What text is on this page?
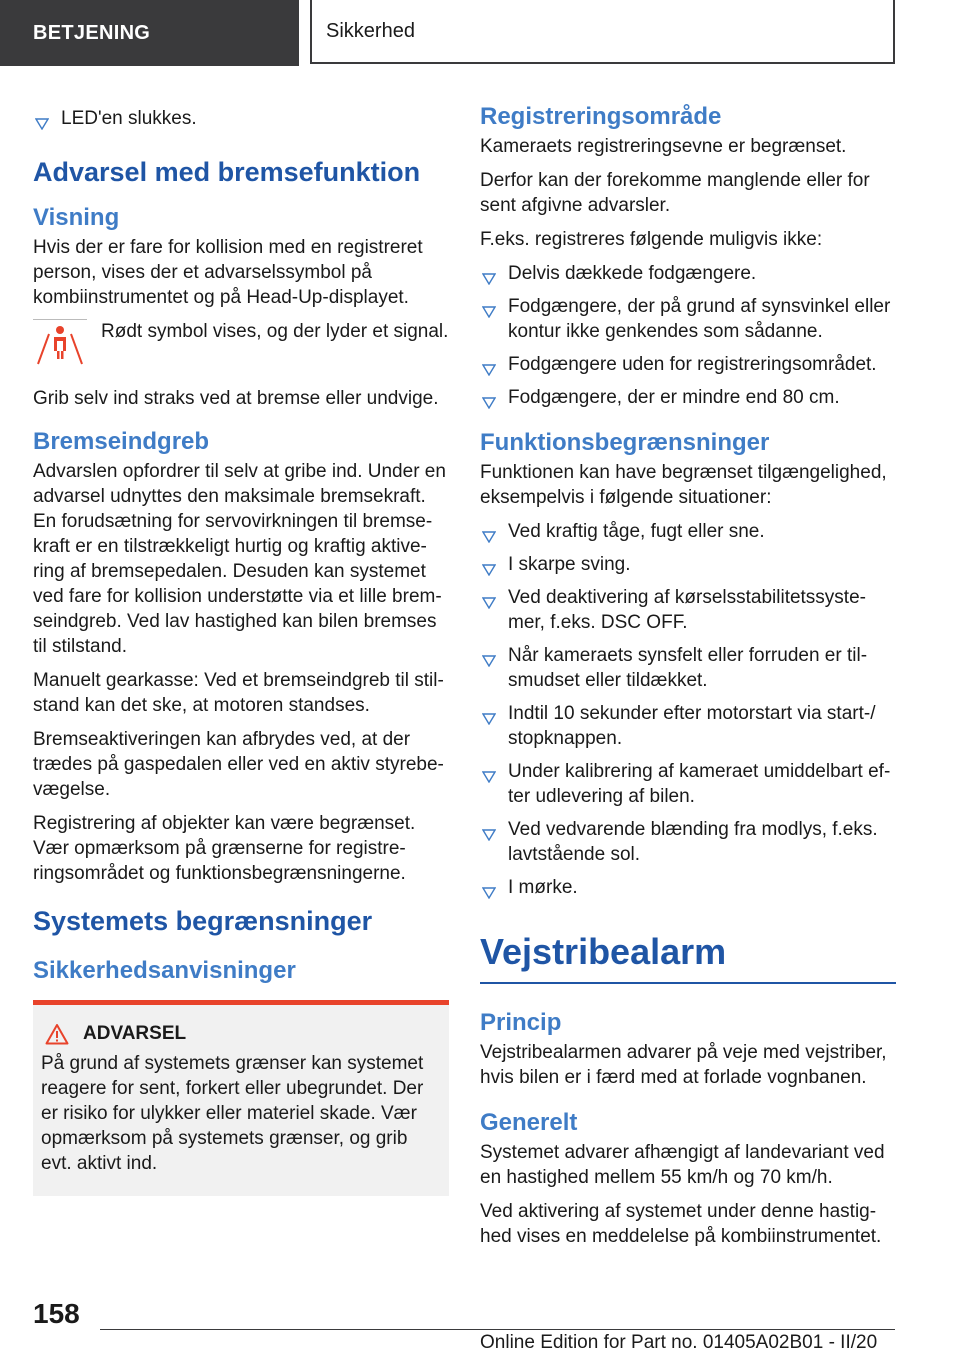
BETJENING	Sikkerhed
LED'en slukkes.
Advarsel med bremsefunktion
Visning

Hvis der er fare for kollision med en registreret person, vises der et advarselssymbol på kombiinstrumentet og på Head-Up-displayet.

Rødt symbol vises, og der lyder et signal.

Grib selv ind straks ved at bremse eller undvige.

Bremseindgreb

Advarslen opfordrer til selv at gribe ind. Under en advarsel udnyttes den maksimale bremsekraft. En forudsætning for servovirkningen til bremsekraft er en tilstrækkeligt hurtig og kraftig aktivering af bremsepedalen. Desuden kan systemet ved fare for kollision understøtte via et lille bremseindgreb. Ved lav hastighed kan bilen bremses til stilstand.

Manuelt gearkasse: Ved et bremseindgreb til stilstand kan det ske, at motoren standses.

Bremseaktiveringen kan afbrydes ved, at der trædes på gaspedalen eller ved en aktiv styrebevægelse.

Registrering af objekter kan være begrænset. Vær opmærksom på grænserne for registreringsområdet og funktionsbegrænsningerne.

Systemets begrænsninger
Sikkerhedsanvisninger
ADVARSEL

På grund af systemets grænser kan systemet reagere for sent, forkert eller ubegrundet. Der er risiko for ulykker eller materiel skade. Vær opmærksom på systemets grænser, og grib evt. aktivt ind.

Registreringsområde

Kameraets registreringsevne er begrænset.

Derfor kan der forekomme manglende eller for sent afgivne advarsler.

F.eks. registreres følgende muligvis ikke:

Delvis dækkede fodgængere.
Fodgængere, der på grund af synsvinkel eller kontur ikke genkendes som sådanne.
Fodgængere uden for registreringsområdet.
Fodgængere, der er mindre end 80 cm.
Funktionsbegrænsninger

Funktionen kan have begrænset tilgængelighed, eksempelvis i følgende situationer:

Ved kraftig tåge, fugt eller sne.
I skarpe sving.
Ved deaktivering af kørselsstabilitetssystemer, f.eks. DSC OFF.
Når kameraets synsfelt eller forruden er tilsmudset eller tildækket.
Indtil 10 sekunder efter motorstart via start-/ stopknappen.
Under kalibrering af kameraet umiddelbart efter udlevering af bilen.
Ved vedvarende blænding fra modlys, f.eks. lavtstående sol.
I mørke.
Vejstribealarm
Princip

Vejstribealarmen advarer på veje med vejstriber, hvis bilen er i færd med at forlade vognbanen.

Generelt

Systemet advarer afhængigt af landevariant ved en hastighed mellem 55 km/h og 70 km/h.

Ved aktivering af systemet under denne hastighed vises en meddelelse på kombiinstrumentet.

158
Online Edition for Part no. 01405A02B01 - II/20
